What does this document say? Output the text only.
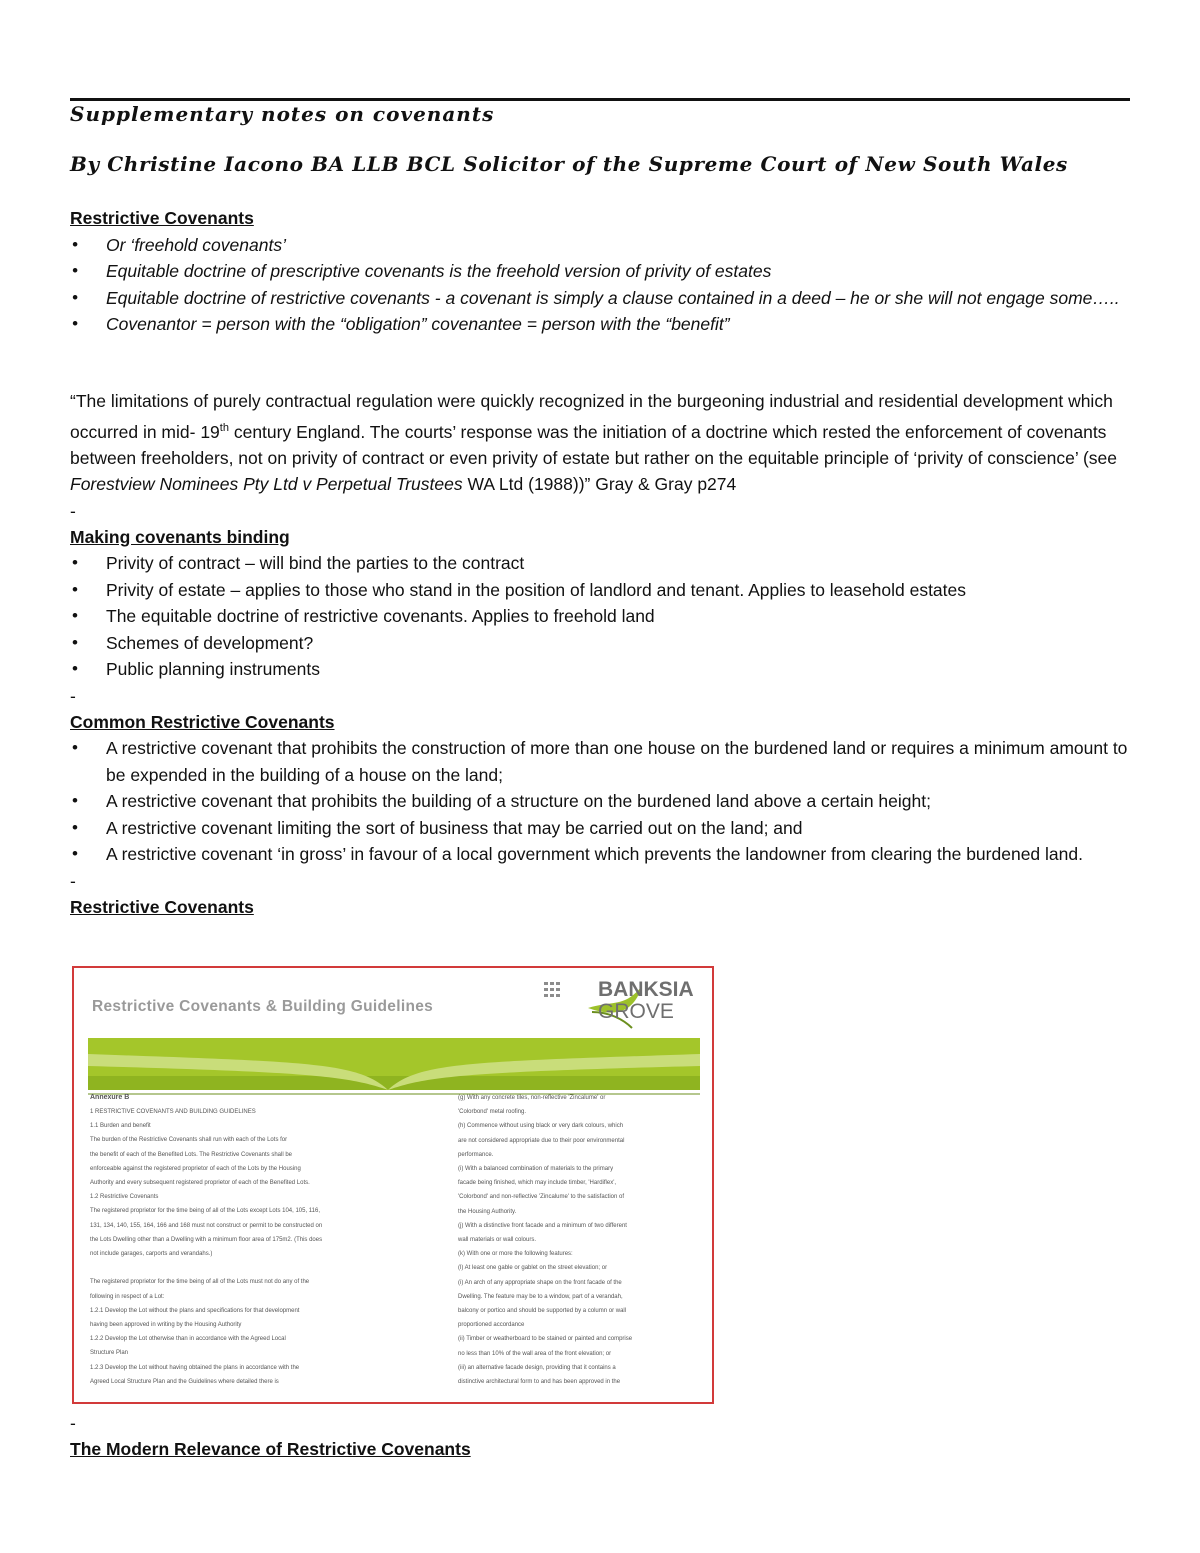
Supplementary notes on covenants
By Christine Iacono BA LLB BCL Solicitor of the Supreme Court of New South Wales
Restrictive Covenants
• Or ‘freehold covenants’
• Equitable doctrine of prescriptive covenants is the freehold version of privity of estates
• Equitable doctrine of restrictive covenants - a covenant is simply a clause contained in a deed – he or she will not engage some…..
• Covenantor = person with the “obligation” covenantee = person with the “benefit”

“The limitations of purely contractual regulation were quickly recognized in the burgeoning industrial and residential development which occurred in mid- 19th century England. The courts’ response was the initiation of a doctrine which rested the enforcement of covenants between freeholders, not on privity of contract or even privity of estate but rather on the equitable principle of ‘privity of conscience’ (see Forestview Nominees Pty Ltd v Perpetual Trustees WA Ltd (1988))” Gray & Gray p274

-
Making covenants binding
• Privity of contract – will bind the parties to the contract
• Privity of estate – applies to those who stand in the position of landlord and tenant. Applies to leasehold estates
• The equitable doctrine of restrictive covenants. Applies to freehold land
• Schemes of development?
• Public planning instruments
-
Common Restrictive Covenants
• A restrictive covenant that prohibits the construction of more than one house on the burdened land or requires a minimum amount to be expended in the building of a house on the land;
• A restrictive covenant that prohibits the building of a structure on the burdened land above a certain height;
• A restrictive covenant limiting the sort of business that may be carried out on the land; and
• A restrictive covenant ‘in gross’ in favour of a local government which prevents the landowner from clearing the burdened land.
-
Restrictive Covenants
Restrictive Covenants & Building Guidelines
BANKSIA
GROVE
Annexure B
1 RESTRICTIVE COVENANTS AND BUILDING GUIDELINES
1.1 Burden and benefit
The burden of the Restrictive Covenants shall run with each of the Lots for
the benefit of each of the Benefited Lots. The Restrictive Covenants shall be
enforceable against the registered proprietor of each of the Lots by the Housing
Authority and every subsequent registered proprietor of each of the Benefited Lots.
1.2 Restrictive Covenants
The registered proprietor for the time being of all of the Lots except Lots 104, 105, 116,
131, 134, 140, 155, 164, 166 and 168 must not construct or permit to be constructed on
the Lots Dwelling other than a Dwelling with a minimum floor area of 175m2. (This does
not include garages, carports and verandahs.)
The registered proprietor for the time being of all of the Lots must not do any of the
following in respect of a Lot:
1.2.1 Develop the Lot without the plans and specifications for that development
having been approved in writing by the Housing Authority
1.2.2 Develop the Lot otherwise than in accordance with the Agreed Local
Structure Plan
1.2.3 Develop the Lot without having obtained the plans in accordance with the
Agreed Local Structure Plan and the Guidelines where detailed there is
(g) With any concrete tiles, non-reflective 'Zincalume' or
'Colorbond' metal roofing.
(h) Commence without using black or very dark colours, which
are not considered appropriate due to their poor environmental
performance.
(i) With a balanced combination of materials to the primary
facade being finished, which may include timber, 'Hardiflex',
'Colorbond' and non-reflective 'Zincalume' to the satisfaction of
the Housing Authority.
(j) With a distinctive front facade and a minimum of two different
wall materials or wall colours.
(k) With one or more the following features:
(l) At least one gable or gablet on the street elevation; or
(i) An arch of any appropriate shape on the front facade of the
Dwelling. The feature may be to a window, part of a verandah,
balcony or portico and should be supported by a column or wall
proportioned accordance
(ii) Timber or weatherboard to be stained or painted and comprise
no less than 10% of the wall area of the front elevation; or
(iii) an alternative facade design, providing that it contains a
distinctive architectural form to and has been approved in the
-
The Modern Relevance of Restrictive Covenants
